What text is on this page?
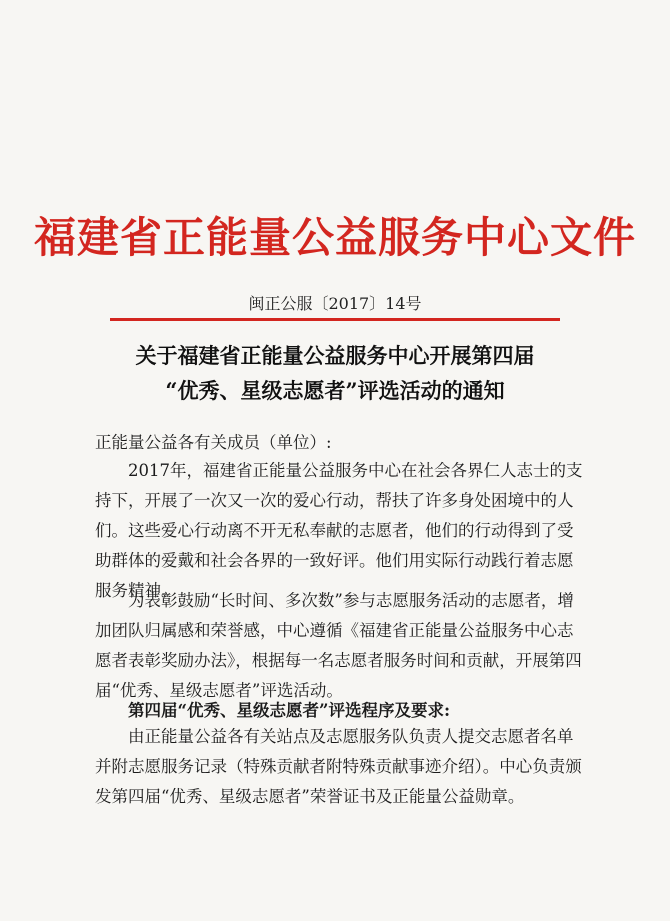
福建省正能量公益服务中心文件
闽正公服〔2017〕14号
关于福建省正能量公益服务中心开展第四届
“优秀、星级志愿者”评选活动的通知
正能量公益各有关成员（单位）:
2017年，福建省正能量公益服务中心在社会各界仁人志士的支持下，开展了一次又一次的爱心行动，帮扶了许多身处困境中的人们。这些爱心行动离不开无私奉献的志愿者，他们的行动得到了受助群体的爱戴和社会各界的一致好评。他们用实际行动践行着志愿服务精神。
为表彰鼓励“长时间、多次数”参与志愿服务活动的志愿者，增加团队归属感和荣誉感，中心遵循《福建省正能量公益服务中心志愿者表彰奖励办法》，根据每一名志愿者服务时间和贡献，开展第四届“优秀、星级志愿者”评选活动。
第四届“优秀、星级志愿者”评选程序及要求:
由正能量公益各有关站点及志愿服务队负责人提交志愿者名单并附志愿服务记录（特殊贡献者附特殊贡献事迹介绍）。中心负责颁发第四届“优秀、星级志愿者”荣誉证书及正能量公益勋章。
